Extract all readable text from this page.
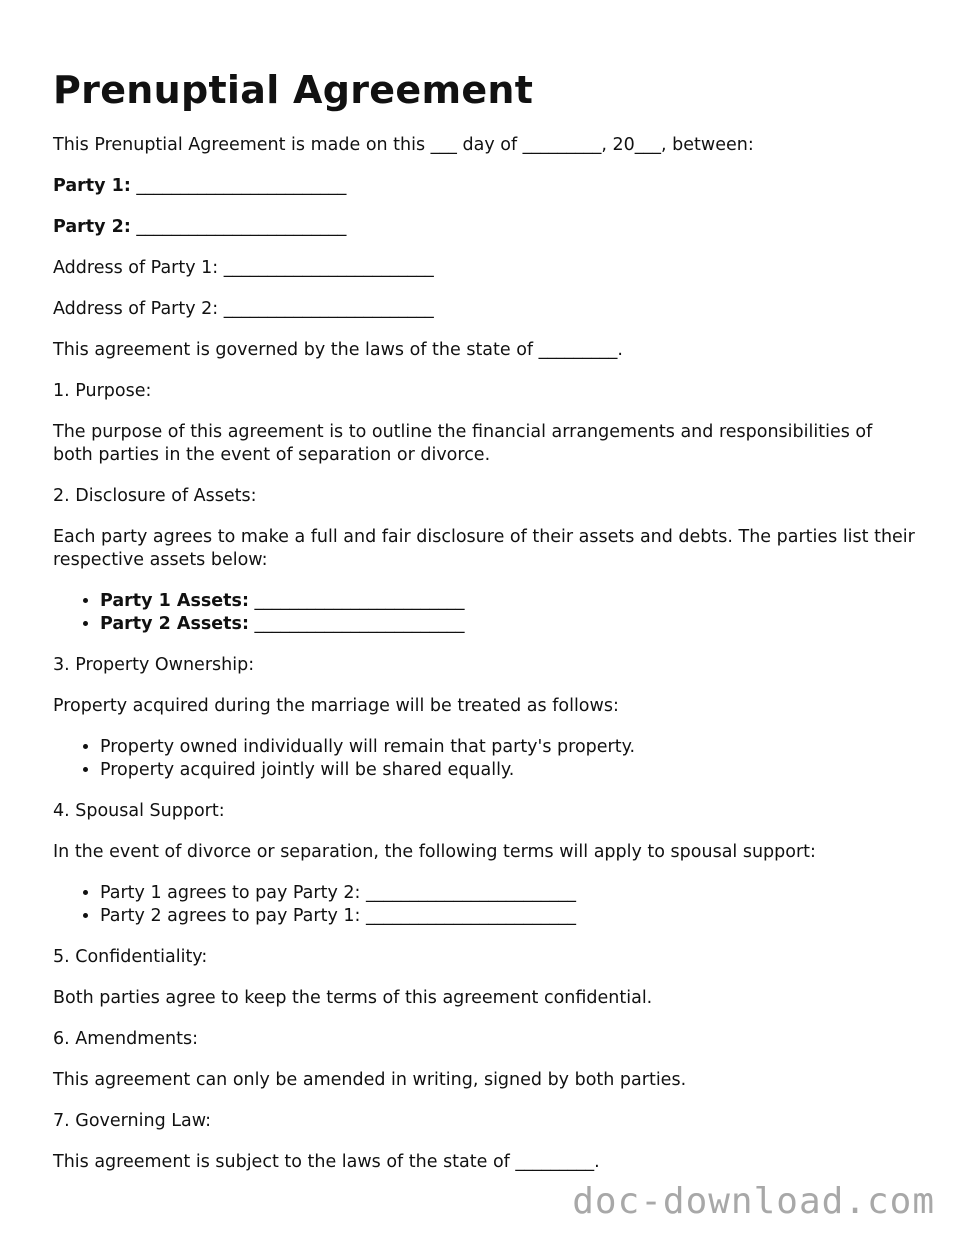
Prenuptial Agreement

This Prenuptial Agreement is made on this ___ day of _________, 20___, between:

Party 1: ________________________

Party 2: ________________________

Address of Party 1: ________________________

Address of Party 2: ________________________

This agreement is governed by the laws of the state of _________.

1. Purpose:

The purpose of this agreement is to outline the financial arrangements and responsibilities of both parties in the event of separation or divorce.

2. Disclosure of Assets:

Each party agrees to make a full and fair disclosure of their assets and debts. The parties list their respective assets below:

• Party 1 Assets: ________________________
• Party 2 Assets: ________________________

3. Property Ownership:

Property acquired during the marriage will be treated as follows:

• Property owned individually will remain that party's property.
• Property acquired jointly will be shared equally.

4. Spousal Support:

In the event of divorce or separation, the following terms will apply to spousal support:

• Party 1 agrees to pay Party 2: ________________________
• Party 2 agrees to pay Party 1: ________________________

5. Confidentiality:

Both parties agree to keep the terms of this agreement confidential.

6. Amendments:

This agreement can only be amended in writing, signed by both parties.

7. Governing Law:

This agreement is subject to the laws of the state of _________.

doc-download.com
